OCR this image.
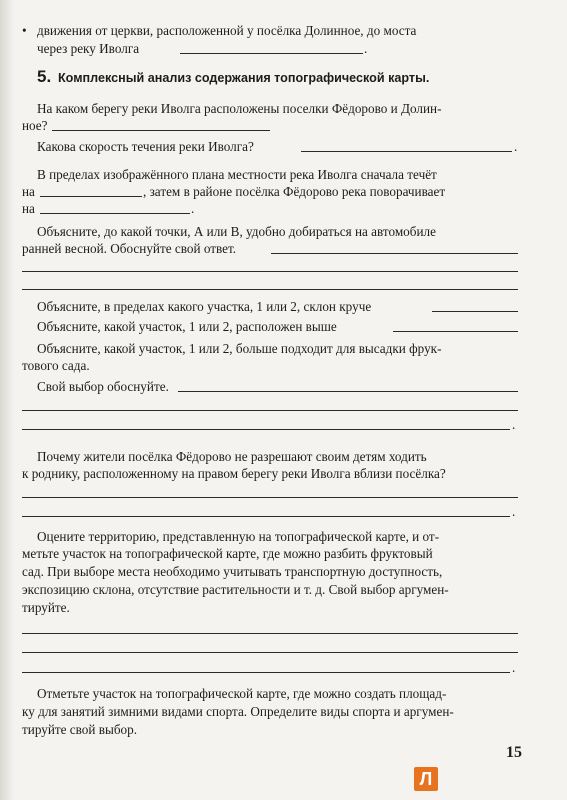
• движения от церкви, расположенной у посёлка Долинное, до моста
через реку Иволга	.
5. Комплексный анализ содержания топографической карты.
На каком берегу реки Иволга расположены поселки Фёдорово и Долин-
ное?
Какова скорость течения реки Иволга?	.
В пределах изображённого плана местности река Иволга сначала течёт
на	, затем в районе посёлка Фёдорово река поворачивает
на	.
Объясните, до какой точки, А или В, удобно добираться на автомобиле
ранней весной. Обоснуйте свой ответ.
Объясните, в пределах какого участка, 1 или 2, склон круче
Объясните, какой участок, 1 или 2, расположен выше
Объясните, какой участок, 1 или 2, больше подходит для высадки фрук-
тового сада.
Свой выбор обоснуйте.
.
Почему жители посёлка Фёдорово не разрешают своим детям ходить
к роднику, расположенному на правом берегу реки Иволга вблизи посёлка?
.
Оцените территорию, представленную на топографической карте, и от-
метьте участок на топографической карте, где можно разбить фруктовый
сад. При выборе места необходимо учитывать транспортную доступность,
экспозицию склона, отсутствие растительности и т. д. Свой выбор аргумен-
тируйте.
.
Отметьте участок на топографической карте, где можно создать площад-
ку для занятий зимними видами спорта. Определите виды спорта и аргумен-
тируйте свой выбор.
15
Л
